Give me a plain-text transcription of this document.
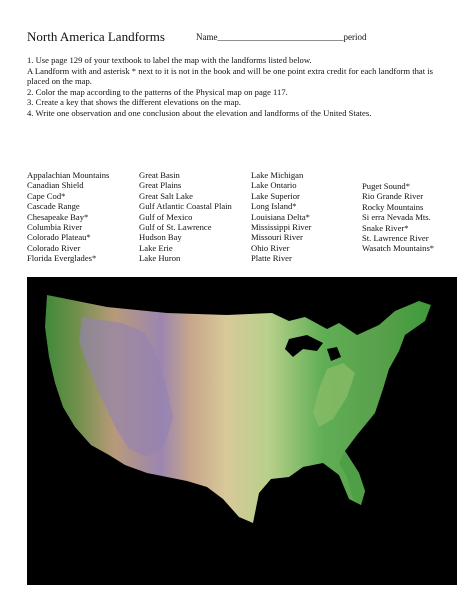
North America Landforms	Name____________________________period

1. Use page 129 of your textbook to label the map with the landforms listed below.

A Landform with and asterisk * next to it is not in the book and will be one point extra credit for each landform that is placed on the map.

2. Color the map according to the patterns of the Physical map on page 117.

3. Create a key that shows the different elevations on the map.

4. Write one observation and one conclusion about the elevation and landforms of the United States.

Appalachian Mountains
Canadian Shield
Cape Cod*
Cascade Range
Chesapeake Bay*
Columbia River
Colorado Plateau*
Colorado River
Florida Everglades*
Great Basin
Great Plains
Great Salt Lake
Gulf Atlantic Coastal Plain
Gulf of Mexico
Gulf of St. Lawrence
Hudson Bay
Lake Erie
Lake Huron
Lake Michigan
Lake Ontario
Lake Superior
Long Island*
Louisiana Delta*
Mississippi River
Missouri River
Ohio River
Platte River
Puget Sound*
Rio Grande River
Rocky Mountains
Si erra Nevada Mts.
Snake River*
St. Lawrence River
Wasatch Mountains*
